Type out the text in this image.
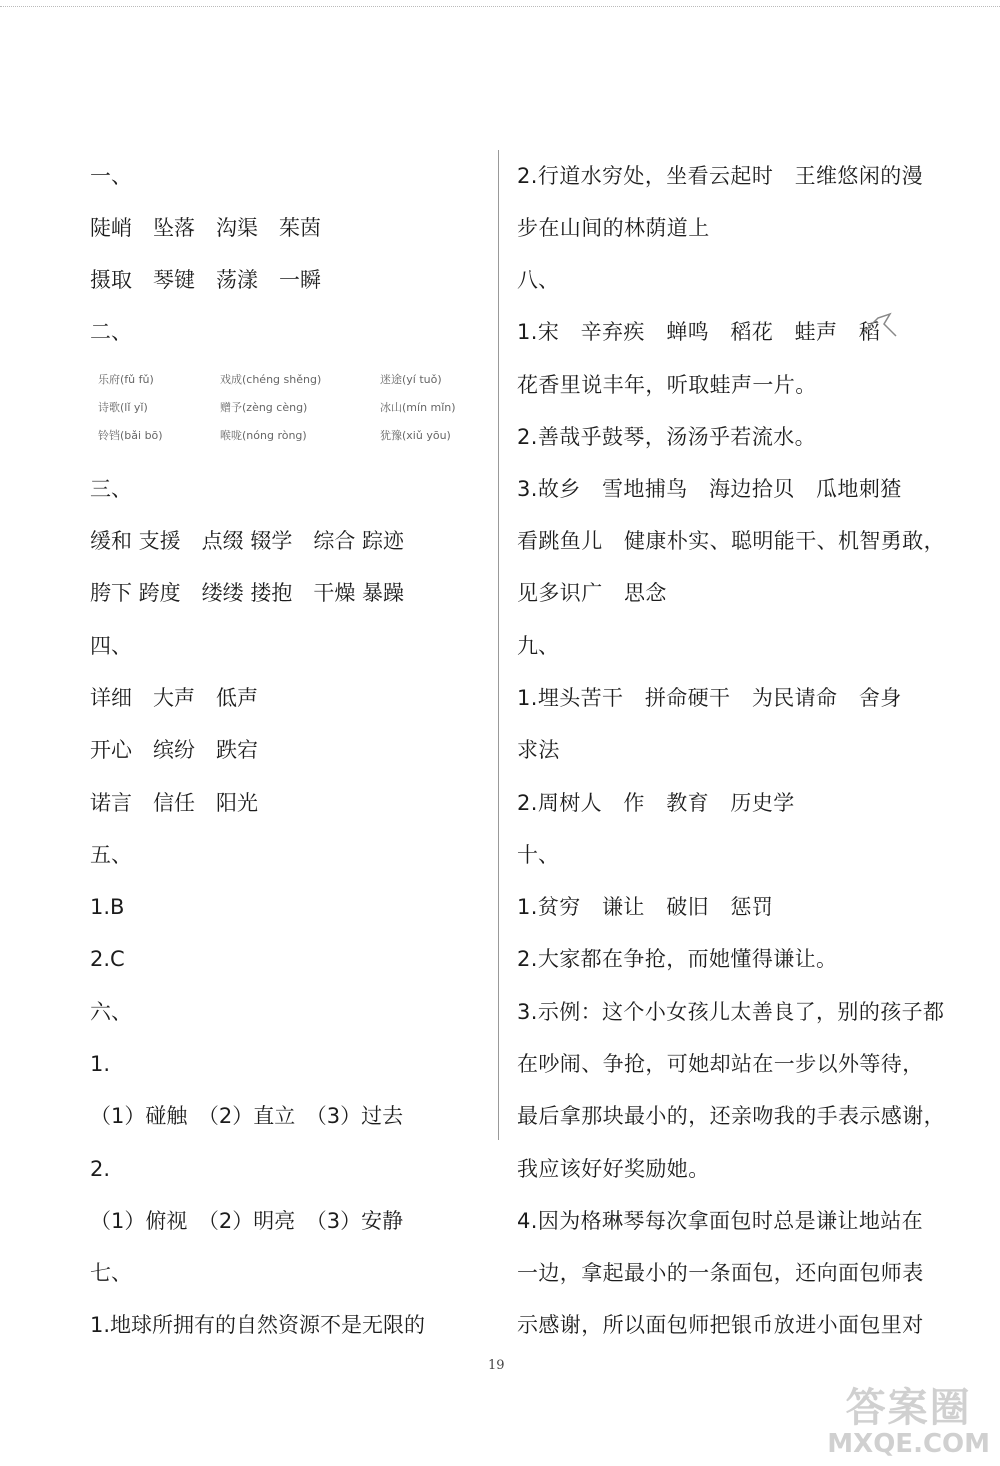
一、
陡峭　坠落　沟渠　茱茵
摄取　琴键　荡漾　一瞬
二、
乐府(fǔ fǔ)	戏成(chéng shěng)	迷途(yí tuǒ)
诗歌(lǐ yǐ)	赠予(zèng cèng)	冰山(mín mǐn)
铃铛(bǎi bō)	喉咙(nóng ròng)	犹豫(xiǔ yōu)
三、
缓和 支援　点缀 辍学　综合 踪迹
胯下 跨度　缕缕 搂抱　干燥 暴躁
四、
详细　大声　低声
开心　缤纷　跌宕
诺言　信任　阳光
五、
1.B
2.C
六、
1.
（1）碰触　（2）直立　（3）过去
2.
（1）俯视　（2）明亮　（3）安静
七、
1.地球所拥有的自然资源不是无限的
2.行道水穷处，坐看云起时　王维悠闲的漫
步在山间的林荫道上
八、
1.宋　辛弃疾　蝉鸣　稻花　蛙声　稻
花香里说丰年，听取蛙声一片。
2.善哉乎鼓琴，汤汤乎若流水。
3.故乡　雪地捕鸟　海边拾贝　瓜地刺猹
看跳鱼儿　健康朴实、聪明能干、机智勇敢，
见多识广　思念
九、
1.埋头苦干　拼命硬干　为民请命　舍身
求法
2.周树人　作　教育　历史学
十、
1.贫穷　谦让　破旧　惩罚
2.大家都在争抢，而她懂得谦让。
3.示例：这个小女孩儿太善良了，别的孩子都
在吵闹、争抢，可她却站在一步以外等待，
最后拿那块最小的，还亲吻我的手表示感谢，
我应该好好奖励她。
4.因为格琳琴每次拿面包时总是谦让地站在
一边，拿起最小的一条面包，还向面包师表
示感谢，所以面包师把银币放进小面包里对
19
答案圈
MXQE.COM
